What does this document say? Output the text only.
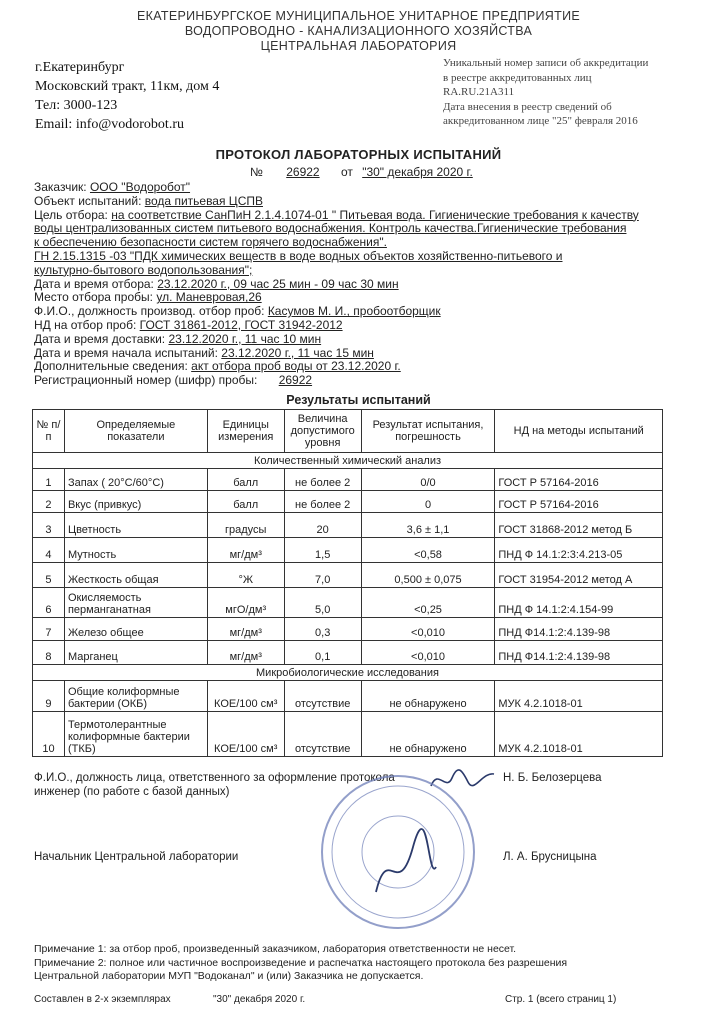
ЕКАТЕРИНБУРГСКОЕ МУНИЦИПАЛЬНОЕ УНИТАРНОЕ ПРЕДПРИЯТИЕ
ВОДОПРОВОДНО - КАНАЛИЗАЦИОННОГО ХОЗЯЙСТВА
ЦЕНТРАЛЬНАЯ ЛАБОРАТОРИЯ
г.Екатеринбург
Московский тракт, 11км, дом 4
Тел: 3000-123
Email: info@vodorobot.ru
Уникальный номер записи об аккредитации
в реестре аккредитованных лиц
RA.RU.21A311
Дата внесения в реестр сведений об
аккредитованном лице "25" февраля 2016
ПРОТОКОЛ ЛАБОРАТОРНЫХ ИСПЫТАНИЙ
№ 26922 от "30" декабря 2020 г.
Заказчик: ООО "Водоробот"
Объект испытаний: вода питьевая ЦСПВ
Цель отбора: на соответствие СанПиН 2.1.4.1074-01 " Питьевая вода. Гигиенические требования к качеству
воды централизованных систем питьевого водоснабжения. Контроль качества.Гигиенические требования
к обеспечению безопасности систем горячего водоснабжения".
ГН 2.15.1315 -03 "ПДК химических веществ в воде водных объектов хозяйственно-питьевого и
культурно-бытового водопользования";
Дата и время отбора: 23.12.2020 г., 09 час 25 мин - 09 час 30 мин
Место отбора пробы: ул. Маневровая,26
Ф.И.О., должность производ. отбор проб: Касумов М. И., пробоотборщик
НД на отбор проб: ГОСТ 31861-2012, ГОСТ 31942-2012
Дата и время доставки: 23.12.2020 г., 11 час 10 мин
Дата и время начала испытаний: 23.12.2020 г., 11 час 15 мин
Дополнительные сведения: акт отбора проб воды от 23.12.2020 г.
Регистрационный номер (шифр) пробы: 26922
Результаты испытаний
№ п/п	Определяемые показатели	Единицы измерения	Величина допустимого уровня	Результат испытания, погрешность	НД на методы испытаний
Количественный химический анализ					
1	Запах ( 20°С/60°С)	балл	не более 2	0/0	ГОСТ Р 57164-2016
2	Вкус (привкус)	балл	не более 2	0	ГОСТ Р 57164-2016
3	Цветность	градусы	20	3,6 ± 1,1	ГОСТ 31868-2012 метод Б
4	Мутность	мг/дм³	1,5	<0,58	ПНД Ф 14.1:2:3:4.213-05
5	Жесткость общая	°Ж	7,0	0,500 ± 0,075	ГОСТ 31954-2012 метод А
6	Окисляемость перманганатная	мгО/дм³	5,0	<0,25	ПНД Ф 14.1:2:4.154-99
7	Железо общее	мг/дм³	0,3	<0,010	ПНД Ф14.1:2:4.139-98
8	Марганец	мг/дм³	0,1	<0,010	ПНД Ф14.1:2:4.139-98
Микробиологические исследования					
9	Общие колиформные бактерии (ОКБ)	КОЕ/100 см³	отсутствие	не обнаружено	МУК 4.2.1018-01
10	Термотолерантные колиформные бактерии (ТКБ)	КОЕ/100 см³	отсутствие	не обнаружено	МУК 4.2.1018-01
Ф.И.О., должность лица, ответственного за оформление протокола
инженер (по работе с базой данных)
Н. Б. Белозерцева
Начальник Центральной лаборатории	Л. А. Брусницына
Примечание 1: за отбор проб, произведенный заказчиком, лаборатория ответственности не несет.
Примечание 2: полное или частичное воспроизведение и распечатка настоящего протокола без разрешения
Центральной лаборатории МУП "Водоканал" и (или) Заказчика не допускается.
Составлен в 2-х экземплярах	"30" декабря 2020 г.	Стр. 1 (всего страниц 1)
